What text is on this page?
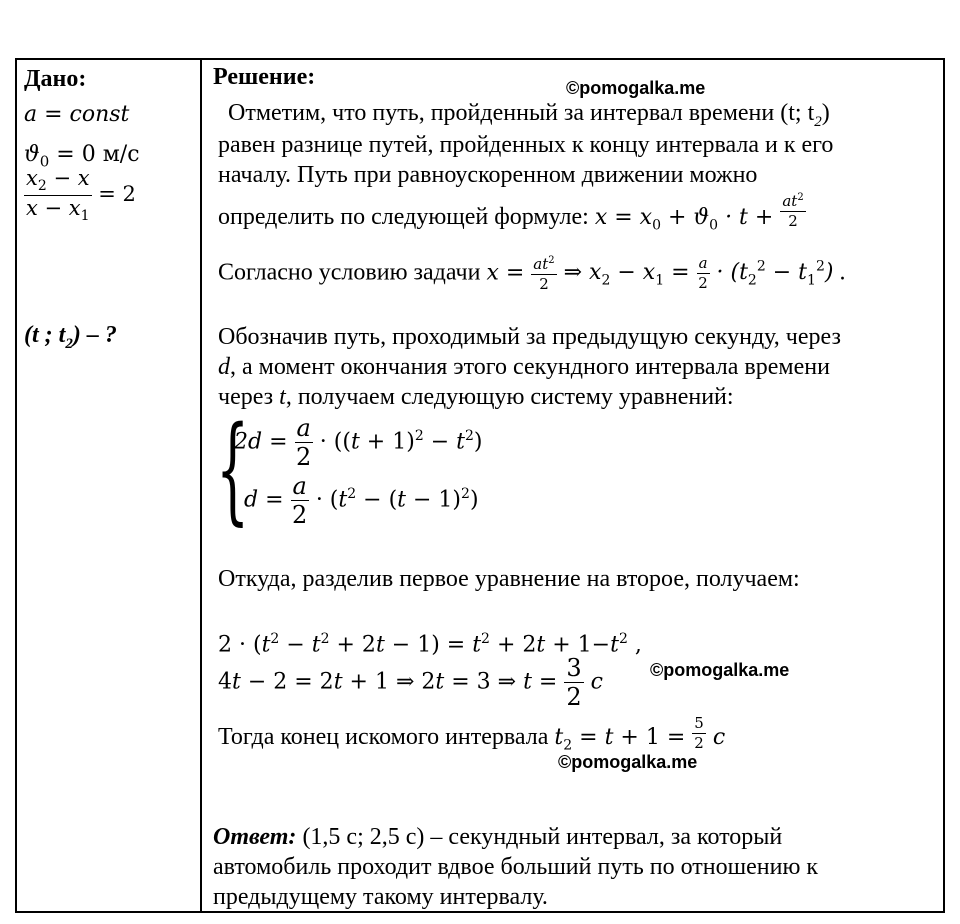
Дано:
a = const
$ϑ_0 = 0$ м/с
$\frac{x_2 - x}{x - x_1} = 2$
(t ; $t_2$) – ?
Решение:	©pomogalka.me
Отметим, что путь, пройденный за интервал времени (t; $t_2$)
равен разнице путей, пройденных к концу интервала и к его
началу. Путь при равноускоренном движении можно
определить по следующей формуле: $x = x_0 + ϑ_0 \cdot t + \frac{at^2}{2}$
Согласно условию задачи $x = \frac{at^2}{2}$ ⇒ $x_2 - x_1 = \frac{a}{2} \cdot (t_2^2 - t_1^2)$ .
Обозначив путь, проходимый за предыдущую секунду, через
d, а момент окончания этого секундного интервала времени
через t, получаем следующую систему уравнений:
{
$2d = \frac{a}{2} \cdot ((t + 1)^2 - t^2)$
$d = \frac{a}{2} \cdot (t^2 - (t - 1)^2)$
Откуда, разделив первое уравнение на второе, получаем:
$2 \cdot (t^2 - t^2 + 2t - 1) = t^2 + 2t + 1-t^2$ ,
©pomogalka.me
4t − 2 = 2t + 1 ⇒ 2t = 3 ⇒ $t = \frac{3}{2}$ c
Тогда конец искомого интервала $t_2 = t + 1 = \frac{5}{2}$ c
©pomogalka.me
Ответ: (1,5 с; 2,5 с) – секундный интервал, за который
автомобиль проходит вдвое больший путь по отношению к
предыдущему такому интервалу.
